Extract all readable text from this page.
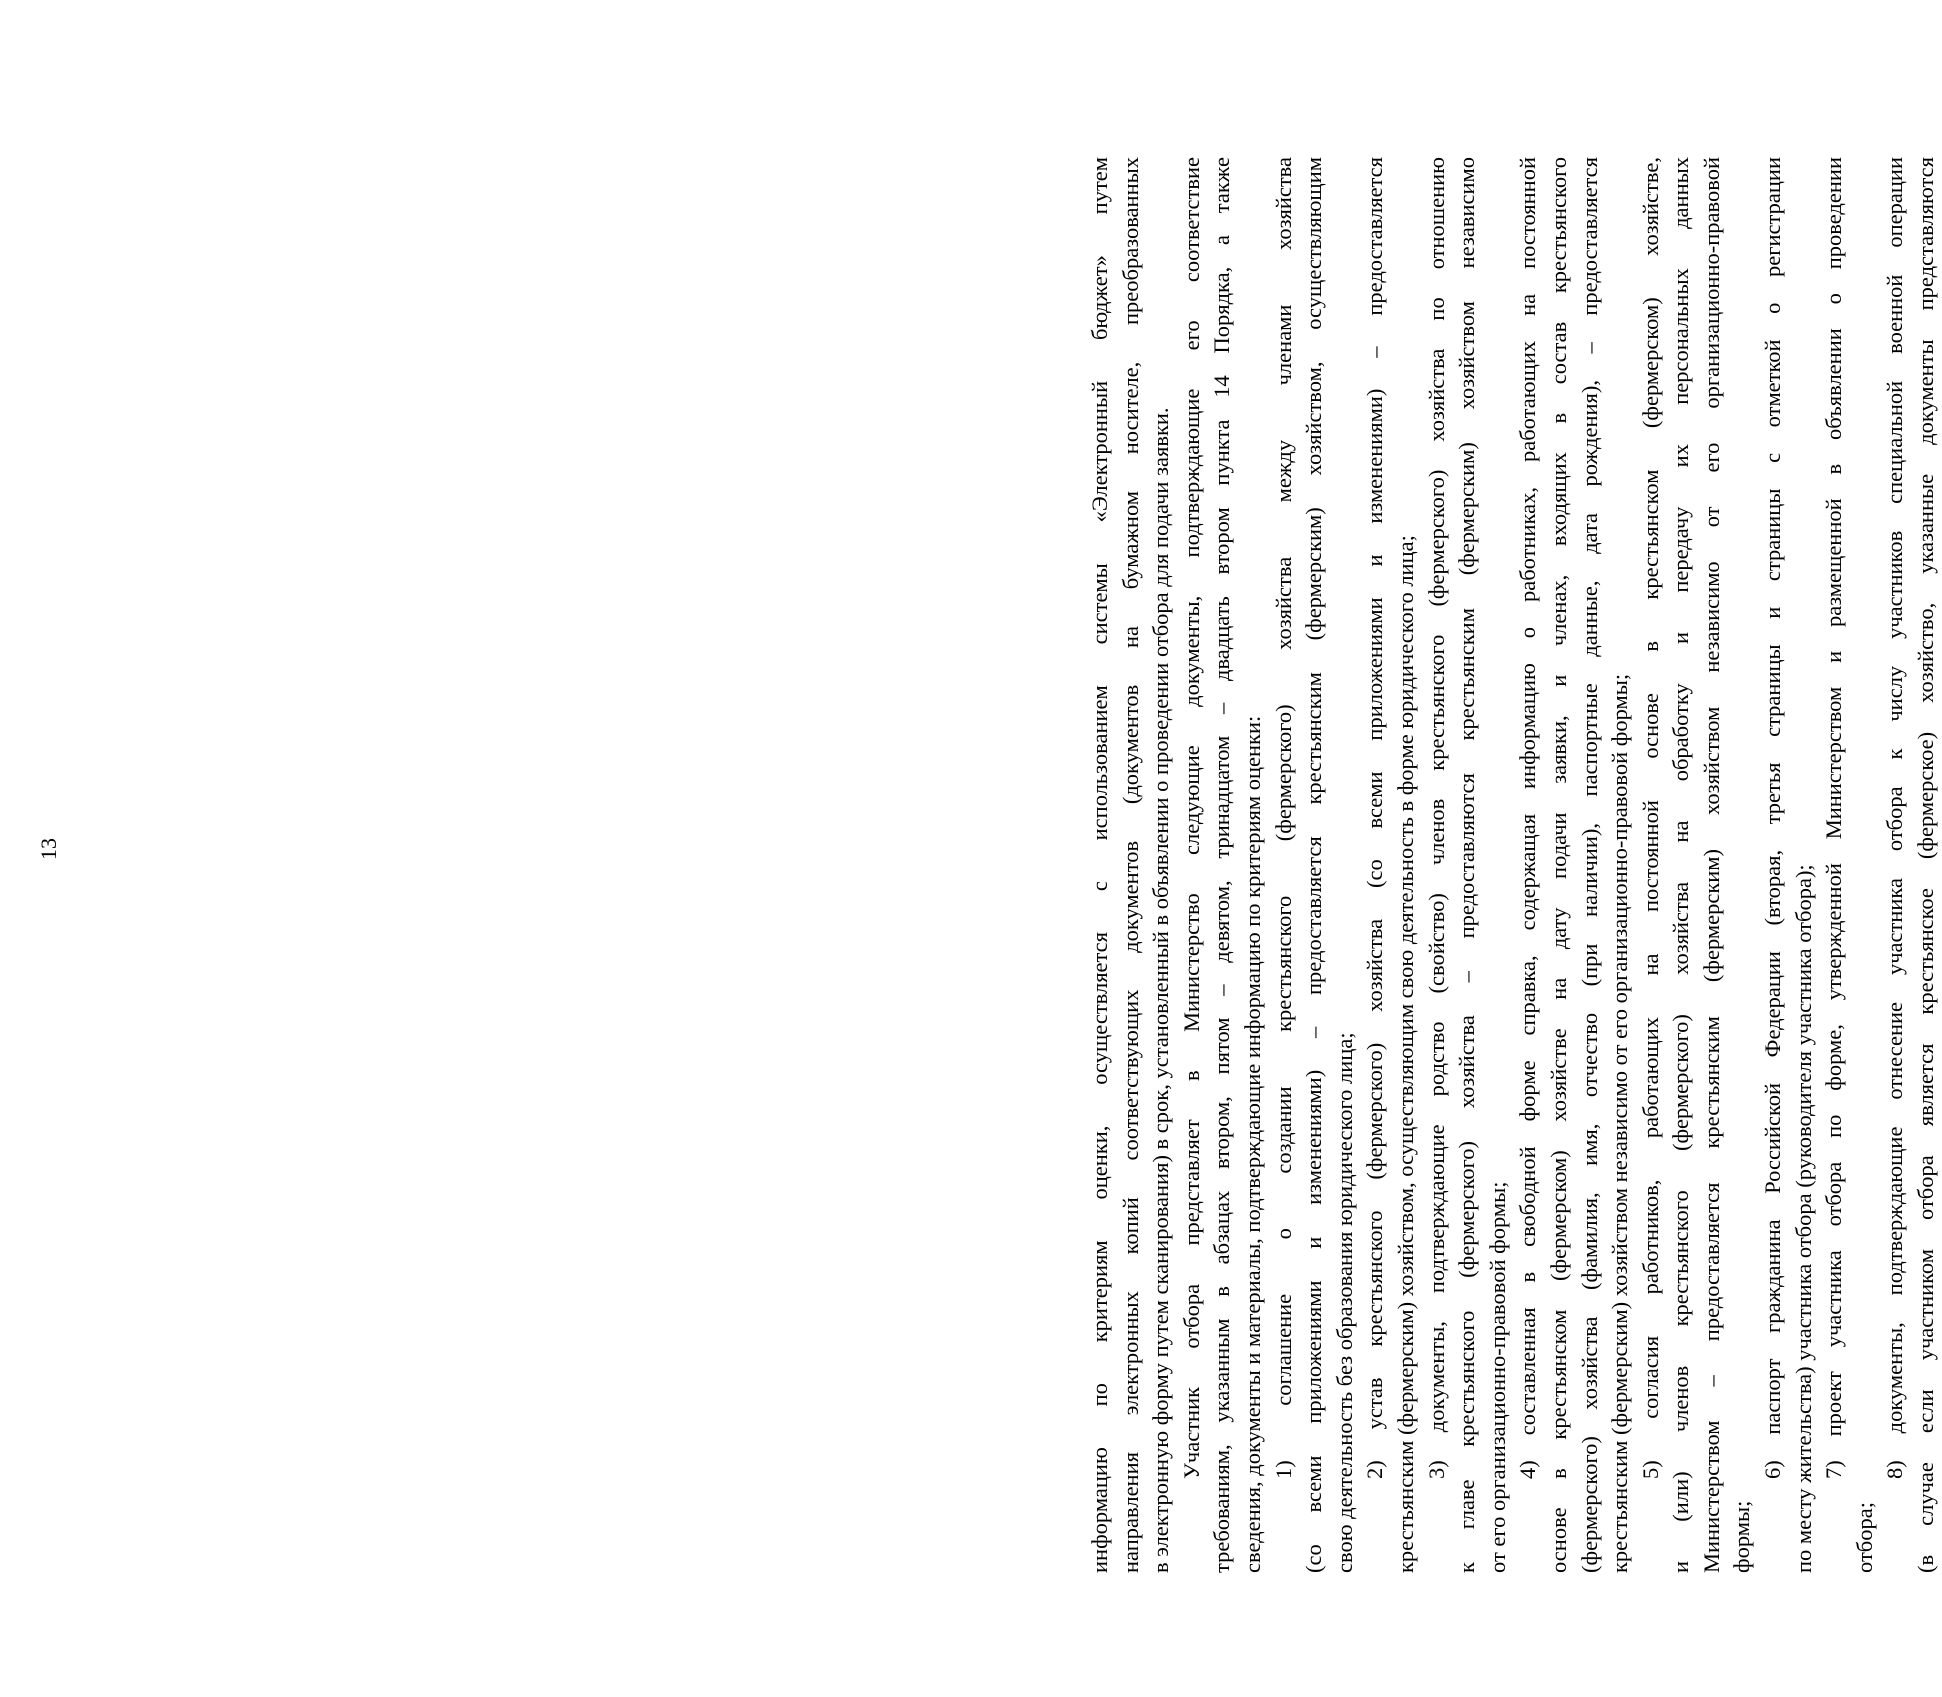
13	информацию по критериям оценки, осуществляется с использованием системы «Электронный бюджет» путем направления электронных копий соответствующих документов (документов на бумажном носителе, преобразованных в электронную форму путем сканирования) в срок, установленный в объявлении о проведении отбора для подачи заявки. Участник отбора представляет в Министерство следующие документы, подтверждающие его соответствие требованиям, указанным в абзацах втором, пятом – девятом, тринадцатом – двадцать втором пункта 14 Порядка, а также сведения, документы и материалы, подтверждающие информацию по критериям оценки: 1) соглашение о создании крестьянского (фермерского) хозяйства между членами хозяйства (со всеми приложениями и изменениями) – предоставляется крестьянским (фермерским) хозяйством, осуществляющим свою деятельность без образования юридического лица; 2) устав крестьянского (фермерского) хозяйства (со всеми приложениями и изменениями) – предоставляется крестьянским (фермерским) хозяйством, осуществляющим свою деятельность в форме юридического лица; 3) документы, подтверждающие родство (свойство) членов крестьянского (фермерского) хозяйства по отношению к главе крестьянского (фермерского) хозяйства – предоставляются крестьянским (фермерским) хозяйством независимо от его организационно-правовой формы; 4) составленная в свободной форме справка, содержащая информацию о работниках, работающих на постоянной основе в крестьянском (фермерском) хозяйстве на дату подачи заявки, и членах, входящих в состав крестьянского (фермерского) хозяйства (фамилия, имя, отчество (при наличии), паспортные данные, дата рождения), – предоставляется крестьянским (фермерским) хозяйством независимо от его организационно-правовой формы; 5) согласия работников, работающих на постоянной основе в крестьянском (фермерском) хозяйстве, и (или) членов крестьянского (фермерского) хозяйства на обработку и передачу их персональных данных Министерством – предоставляется крестьянским (фермерским) хозяйством независимо от его организационно-правовой формы;
6) паспорт гражданина Российской Федерации (вторая, третья страницы и страницы с отметкой о регистрации по месту жительства) участника отбора (руководителя участника отбора); 7) проект участника отбора по форме, утвержденной Министерством и размещенной в объявлении о проведении
отбора;
8) документы, подтверждающие отнесение участника отбора к числу участников специальной военной операции (в случае если участником отбора является крестьянское (фермерское) хозяйство, указанные документы представляются
